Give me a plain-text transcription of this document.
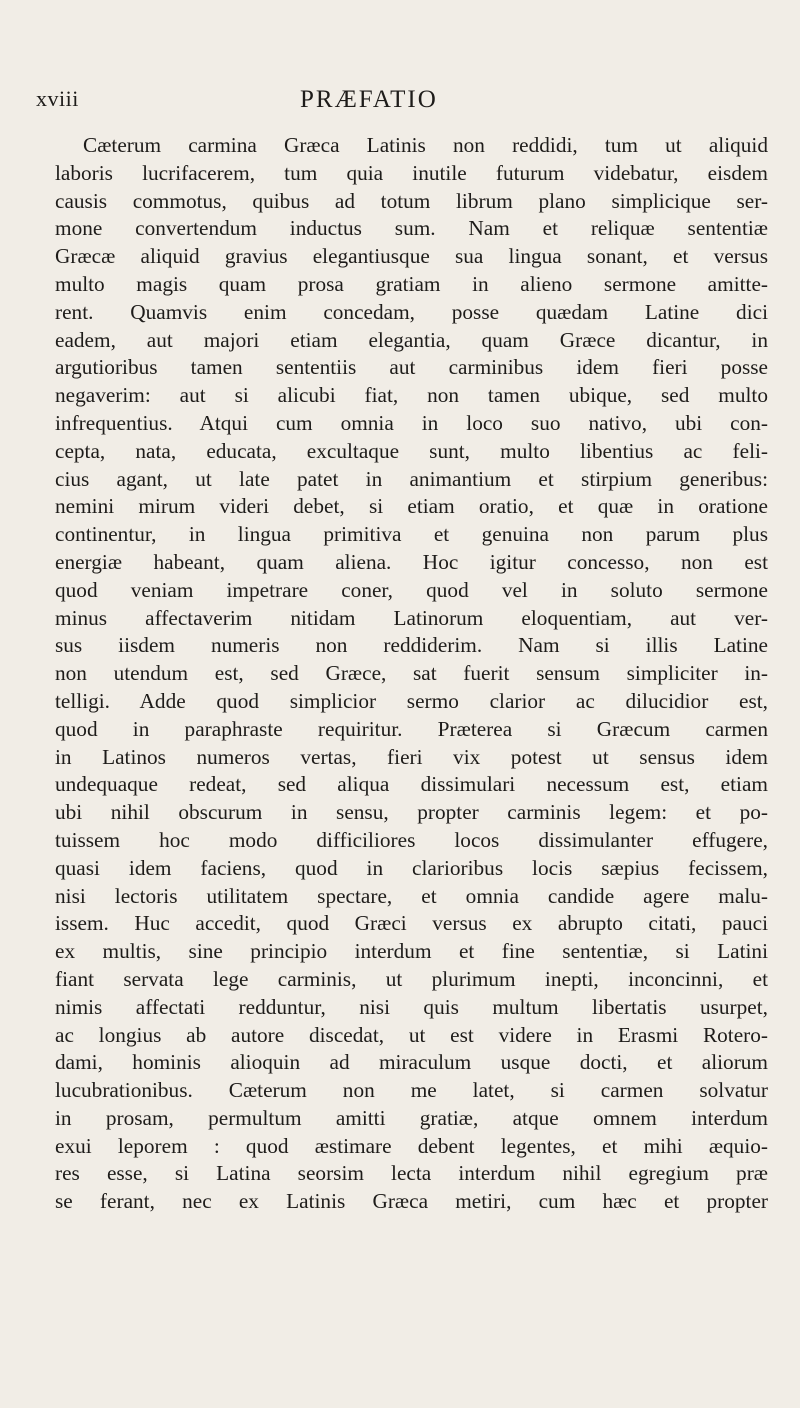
xviii	PRÆFATIO
Cæterum carmina Græca Latinis non reddidi, tum ut aliquid
laboris lucrifacerem, tum quia inutile futurum videbatur, eisdem
causis commotus, quibus ad totum librum plano simplicique ser-
mone convertendum inductus sum. Nam et reliquæ sententiæ
Græcæ aliquid gravius elegantiusque sua lingua sonant, et versus
multo magis quam prosa gratiam in alieno sermone amitte-
rent. Quamvis enim concedam, posse quædam Latine dici
eadem, aut majori etiam elegantia, quam Græce dicantur, in
argutioribus tamen sententiis aut carminibus idem fieri posse
negaverim: aut si alicubi fiat, non tamen ubique, sed multo
infrequentius. Atqui cum omnia in loco suo nativo, ubi con-
cepta, nata, educata, excultaque sunt, multo libentius ac feli-
cius agant, ut late patet in animantium et stirpium generibus:
nemini mirum videri debet, si etiam oratio, et quæ in oratione
continentur, in lingua primitiva et genuina non parum plus
energiæ habeant, quam aliena. Hoc igitur concesso, non est
quod veniam impetrare coner, quod vel in soluto sermone
minus affectaverim nitidam Latinorum eloquentiam, aut ver-
sus iisdem numeris non reddiderim. Nam si illis Latine
non utendum est, sed Græce, sat fuerit sensum simpliciter in-
telligi. Adde quod simplicior sermo clarior ac dilucidior est,
quod in paraphraste requiritur. Præterea si Græcum carmen
in Latinos numeros vertas, fieri vix potest ut sensus idem
undequaque redeat, sed aliqua dissimulari necessum est, etiam
ubi nihil obscurum in sensu, propter carminis legem: et po-
tuissem hoc modo difficiliores locos dissimulanter effugere,
quasi idem faciens, quod in clarioribus locis sæpius fecissem,
nisi lectoris utilitatem spectare, et omnia candide agere malu-
issem. Huc accedit, quod Græci versus ex abrupto citati, pauci
ex multis, sine principio interdum et fine sententiæ, si Latini
fiant servata lege carminis, ut plurimum inepti, inconcinni, et
nimis affectati redduntur, nisi quis multum libertatis usurpet,
ac longius ab autore discedat, ut est videre in Erasmi Rotero-
dami, hominis alioquin ad miraculum usque docti, et aliorum
lucubrationibus. Cæterum non me latet, si carmen solvatur
in prosam, permultum amitti gratiæ, atque omnem interdum
exui leporem : quod æstimare debent legentes, et mihi æquio-
res esse, si Latina seorsim lecta interdum nihil egregium præ
se ferant, nec ex Latinis Græca metiri, cum hæc et propter
